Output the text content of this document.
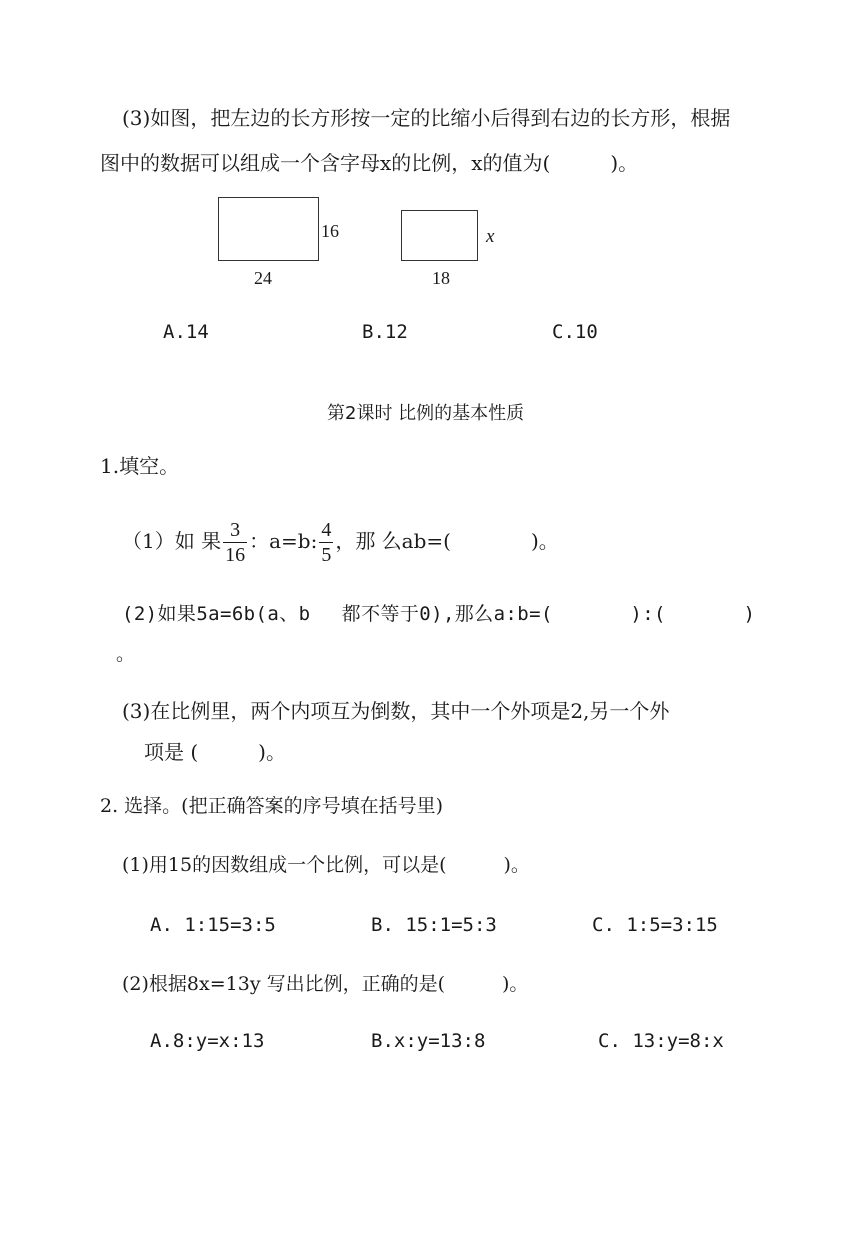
(3)如图，把左边的长方形按一定的比缩小后得到右边的长方形，根据
图中的数据可以组成一个含字母x的比例，x的值为(　　　)。
16
24
x
18
A.14	B.12	C.10
第2课时 比例的基本性质
1.填空。
（1）如 果 $\frac{3}{16}$ ：a=b: $\frac{4}{5}$ ，那 么ab=(　　　　)。
(2)如果5a=6b(a、b　 都不等于0),那么a:b=(　　　　):(　　　　)
。
(3)在比例里，两个内项互为倒数，其中一个外项是2,另一个外
项是 (　　　)。
2. 选择。(把正确答案的序号填在括号里)
(1)用15的因数组成一个比例，可以是(　　　)。
A. 1:15=3:5	B. 15:1=5:3	C. 1:5=3:15
(2)根据8x=13y 写出比例，正确的是(　　　)。
A.8:y=x:13	B.x:y=13:8	C. 13:y=8:x
